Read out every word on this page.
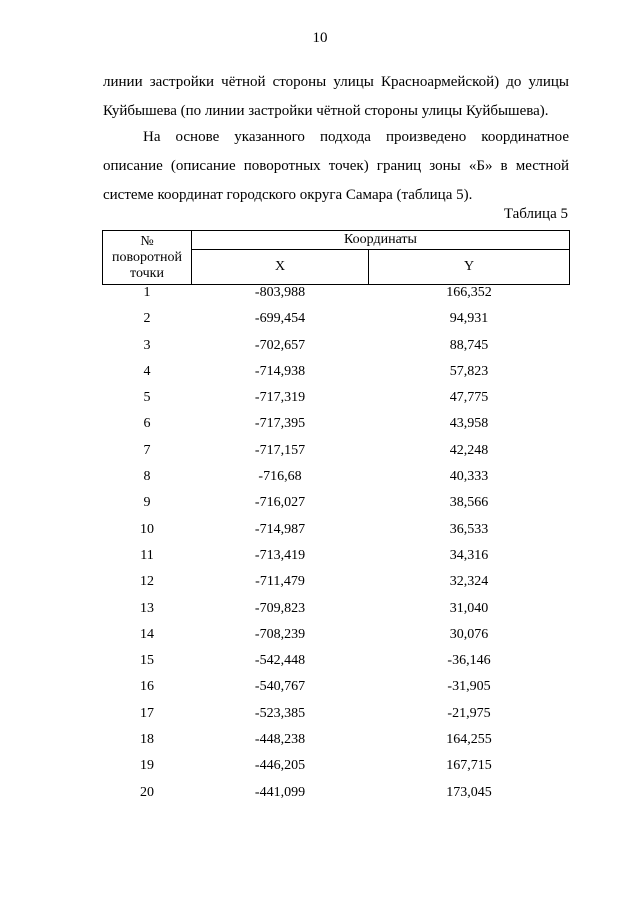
10
линии застройки чётной стороны улицы Красноармейской) до улицы
Куйбышева (по линии застройки чётной стороны улицы Куйбышева).
На основе указанного подхода произведено координатное
описание (описание поворотных точек) границ зоны «Б» в местной
системе координат городского округа Самара (таблица 5).
Таблица 5
№
поворотной
точки	Координаты	
	X	Y
1	-803,988	166,352
2	-699,454	94,931
3	-702,657	88,745
4	-714,938	57,823
5	-717,319	47,775
6	-717,395	43,958
7	-717,157	42,248
8	-716,68	40,333
9	-716,027	38,566
10	-714,987	36,533
11	-713,419	34,316
12	-711,479	32,324
13	-709,823	31,040
14	-708,239	30,076
15	-542,448	-36,146
16	-540,767	-31,905
17	-523,385	-21,975
18	-448,238	164,255
19	-446,205	167,715
20	-441,099	173,045
